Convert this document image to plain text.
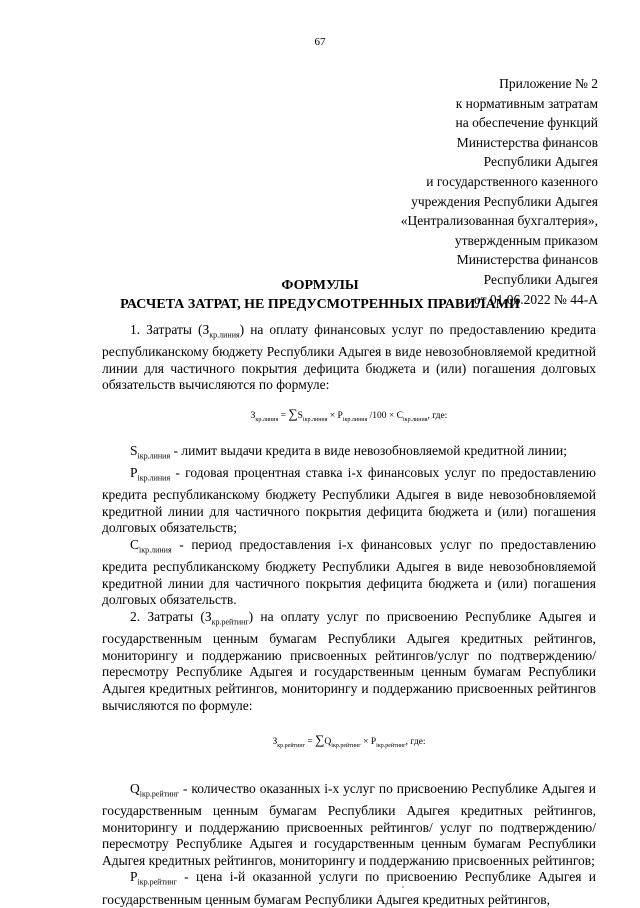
67
Приложение № 2
к нормативным затратам
на обеспечение функций
Министерства финансов
Республики Адыгея
и государственного казенного
учреждения Республики Адыгея
«Централизованная бухгалтерия»,
утвержденным приказом
Министерства финансов
Республики Адыгея
от 01.06.2022 № 44-А
ФОРМУЛЫ
РАСЧЕТА ЗАТРАТ, НЕ ПРЕДУСМОТРЕННЫХ ПРАВИЛАМИ

1. Затраты $(З_{кр.линия})$ на оплату финансовых услуг по предоставлению кредита республиканскому бюджету Республики Адыгея в виде невозобновляемой кредитной линии для частичного покрытия дефицита бюджета и (или) погашения долговых обязательств вычисляются по формуле:

$З_{кр.линия} = \sum S_{iкр.линия} \times P_{iкр.линия}$ $/100 \times C_{iкр.линия}$, где:

$S_{iкр.линия}$ - лимит выдачи кредита в виде невозобновляемой кредитной линии;

$P_{iкр.линия}$ - годовая процентная ставка i-х финансовых услуг по предоставлению кредита республиканскому бюджету Республики Адыгея в виде невозобновляемой кредитной линии для частичного покрытия дефицита бюджета и (или) погашения долговых обязательств;

$C_{iкр.линия}$ - период предоставления i-х финансовых услуг по предоставлению кредита республиканскому бюджету Республики Адыгея в виде невозобновляемой кредитной линии для частичного покрытия дефицита бюджета и (или) погашения долговых обязательств.

2. Затраты $(З_{кр.рейтинг})$ на оплату услуг по присвоению Республике Адыгея и государственным ценным бумагам Республики Адыгея кредитных рейтингов, мониторингу и поддержанию присвоенных рейтингов/услуг по подтверждению/пересмотру Республике Адыгея и государственным ценным бумагам Республики Адыгея кредитных рейтингов, мониторингу и поддержанию присвоенных рейтингов вычисляются по формуле:

$З_{кр.рейтинг} = \sum Q_{iкр.рейтинг} \times P_{iкр.рейтинг}$, где:

$Q_{iкр.рейтинг}$ - количество оказанных i-х услуг по присвоению Республике Адыгея и государственным ценным бумагам Республики Адыгея кредитных рейтингов, мониторингу и поддержанию присвоенных рейтингов/ услуг по подтверждению/пересмотру Республике Адыгея и государственным ценным бумагам Республики Адыгея кредитных рейтингов, мониторингу и поддержанию присвоенных рейтингов;

$P_{iкр.рейтинг}$ - цена i-й оказанной услуги по присвоению Республике Адыгея и государственным ценным бумагам Республики Адыгея кредитных рейтингов,
